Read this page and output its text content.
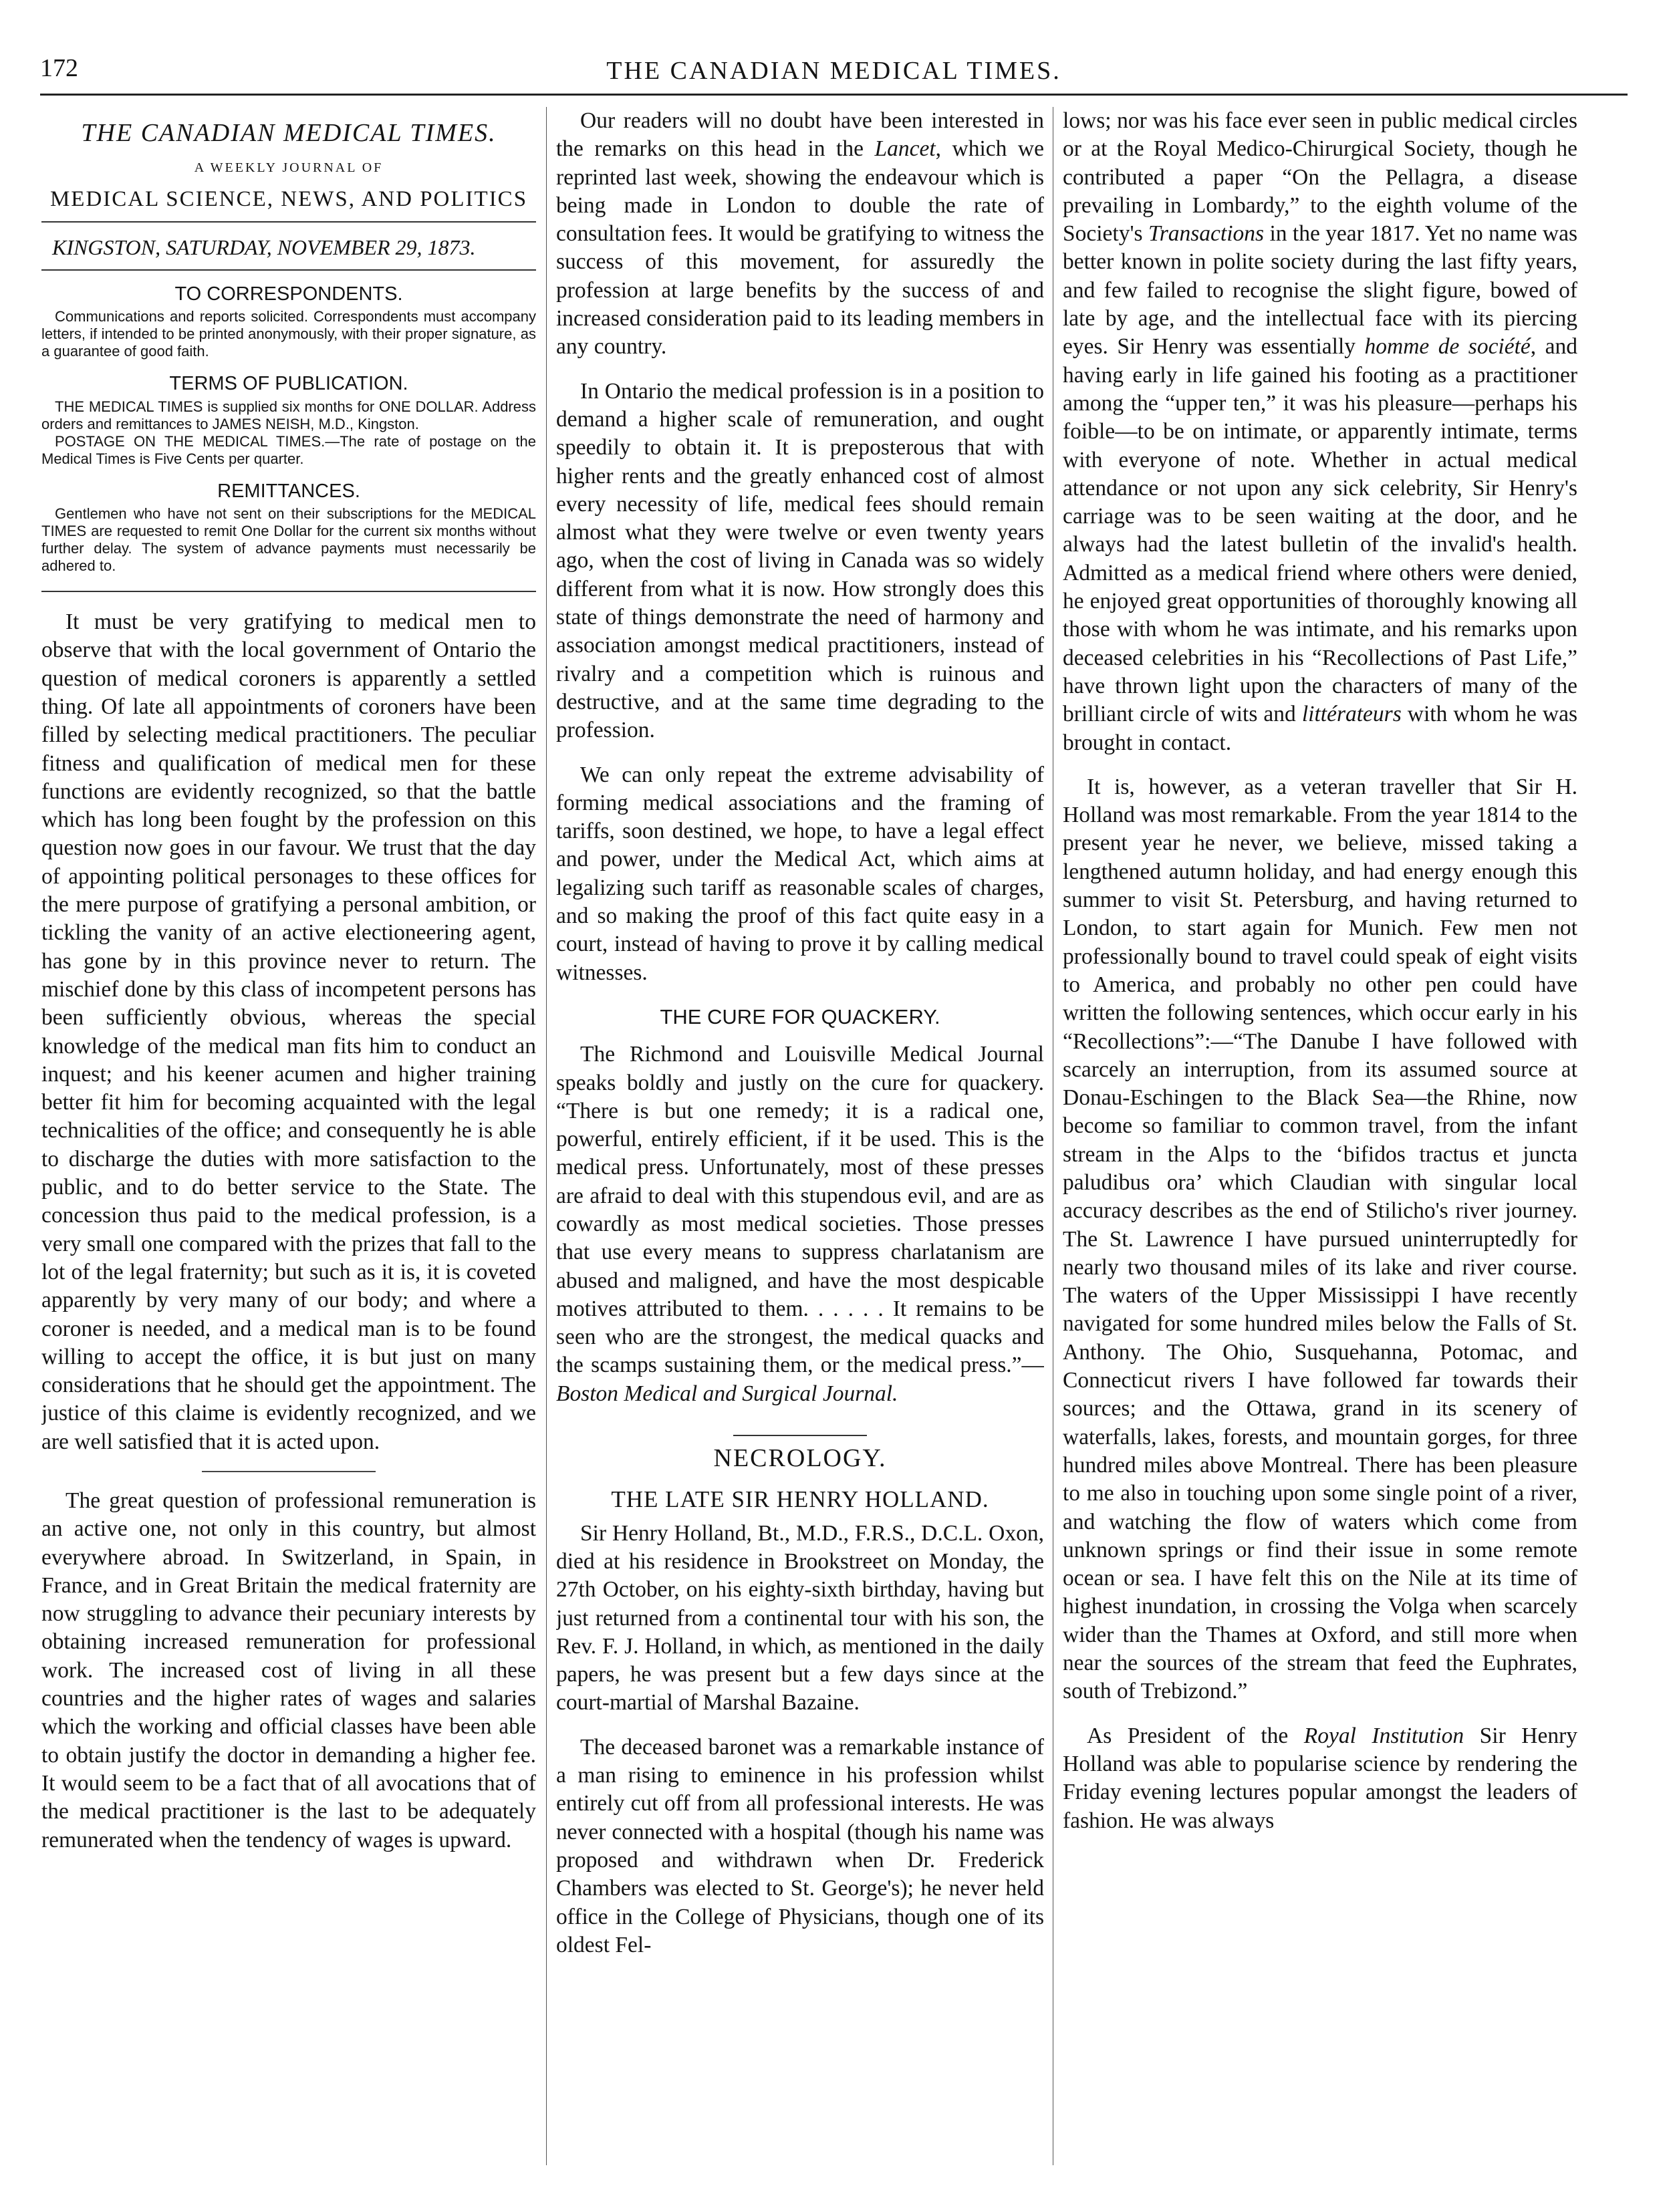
172	THE CANADIAN MEDICAL TIMES.
THE CANADIAN MEDICAL TIMES.
A WEEKLY JOURNAL OF
MEDICAL SCIENCE, NEWS, AND POLITICS
KINGSTON, SATURDAY, NOVEMBER 29, 1873.
TO CORRESPONDENTS.

Communications and reports solicited. Correspondents must accompany letters, if intended to be printed anonymously, with their proper signature, as a guarantee of good faith.

TERMS OF PUBLICATION.

THE MEDICAL TIMES is supplied six months for ONE DOLLAR. Address orders and remittances to JAMES NEISH, M.D., Kingston.

POSTAGE ON THE MEDICAL TIMES.—The rate of postage on the Medical Times is Five Cents per quarter.

REMITTANCES.

Gentlemen who have not sent on their subscriptions for the MEDICAL TIMES are requested to remit One Dollar for the current six months without further delay. The system of advance payments must necessarily be adhered to.

It must be very gratifying to medical men to observe that with the local government of Ontario the question of medical coroners is apparently a settled thing. Of late all appointments of coroners have been filled by selecting medical practitioners. The peculiar fitness and qualification of medical men for these functions are evidently recognized, so that the battle which has long been fought by the profession on this question now goes in our favour. We trust that the day of appointing political personages to these offices for the mere purpose of gratifying a personal ambition, or tickling the vanity of an active electioneering agent, has gone by in this province never to return. The mischief done by this class of incompetent persons has been sufficiently obvious, whereas the special knowledge of the medical man fits him to conduct an inquest; and his keener acumen and higher training better fit him for becoming acquainted with the legal technicalities of the office; and consequently he is able to discharge the duties with more satisfaction to the public, and to do better service to the State. The concession thus paid to the medical profession, is a very small one compared with the prizes that fall to the lot of the legal fraternity; but such as it is, it is coveted apparently by very many of our body; and where a coroner is needed, and a medical man is to be found willing to accept the office, it is but just on many considerations that he should get the appointment. The justice of this claime is evidently recognized, and we are well satisfied that it is acted upon.

The great question of professional remuneration is an active one, not only in this country, but almost everywhere abroad. In Switzerland, in Spain, in France, and in Great Britain the medical fraternity are now struggling to advance their pecuniary interests by obtaining increased remuneration for professional work. The increased cost of living in all these countries and the higher rates of wages and salaries which the working and official classes have been able to obtain justify the doctor in demanding a higher fee. It would seem to be a fact that of all avocations that of the medical practitioner is the last to be adequately remunerated when the tendency of wages is upward.

Our readers will no doubt have been interested in the remarks on this head in the Lancet, which we reprinted last week, showing the endeavour which is being made in London to double the rate of consultation fees. It would be gratifying to witness the success of this movement, for assuredly the profession at large benefits by the success of and increased consideration paid to its leading members in any country.

In Ontario the medical profession is in a position to demand a higher scale of remuneration, and ought speedily to obtain it. It is preposterous that with higher rents and the greatly enhanced cost of almost every necessity of life, medical fees should remain almost what they were twelve or even twenty years ago, when the cost of living in Canada was so widely different from what it is now. How strongly does this state of things demonstrate the need of harmony and association amongst medical practitioners, instead of rivalry and a competition which is ruinous and destructive, and at the same time degrading to the profession.

We can only repeat the extreme advisability of forming medical associations and the framing of tariffs, soon destined, we hope, to have a legal effect and power, under the Medical Act, which aims at legalizing such tariff as reasonable scales of charges, and so making the proof of this fact quite easy in a court, instead of having to prove it by calling medical witnesses.

THE CURE FOR QUACKERY.

The Richmond and Louisville Medical Journal speaks boldly and justly on the cure for quackery. “There is but one remedy; it is a radical one, powerful, entirely efficient, if it be used. This is the medical press. Unfortunately, most of these presses are afraid to deal with this stupendous evil, and are as cowardly as most medical societies. Those presses that use every means to suppress charlatanism are abused and maligned, and have the most despicable motives attributed to them. . . . . . It remains to be seen who are the strongest, the medical quacks and the scamps sustaining them, or the medical press.”—Boston Medical and Surgical Journal.

NECROLOGY.
THE LATE SIR HENRY HOLLAND.

Sir Henry Holland, Bt., M.D., F.R.S., D.C.L. Oxon, died at his residence in Brookstreet on Monday, the 27th October, on his eighty-sixth birthday, having but just returned from a continental tour with his son, the Rev. F. J. Holland, in which, as mentioned in the daily papers, he was present but a few days since at the court-martial of Marshal Bazaine.

The deceased baronet was a remarkable instance of a man rising to eminence in his profession whilst entirely cut off from all professional interests. He was never connected with a hospital (though his name was proposed and withdrawn when Dr. Frederick Chambers was elected to St. George's); he never held office in the College of Physicians, though one of its oldest Fel-

lows; nor was his face ever seen in public medical circles or at the Royal Medico-Chirurgical Society, though he contributed a paper “On the Pellagra, a disease prevailing in Lombardy,” to the eighth volume of the Society's Transactions in the year 1817. Yet no name was better known in polite society during the last fifty years, and few failed to recognise the slight figure, bowed of late by age, and the intellectual face with its piercing eyes. Sir Henry was essentially homme de société, and having early in life gained his footing as a practitioner among the “upper ten,” it was his pleasure—perhaps his foible—to be on intimate, or apparently intimate, terms with everyone of note. Whether in actual medical attendance or not upon any sick celebrity, Sir Henry's carriage was to be seen waiting at the door, and he always had the latest bulletin of the invalid's health. Admitted as a medical friend where others were denied, he enjoyed great opportunities of thoroughly knowing all those with whom he was intimate, and his remarks upon deceased celebrities in his “Recollections of Past Life,” have thrown light upon the characters of many of the brilliant circle of wits and littérateurs with whom he was brought in contact.

It is, however, as a veteran traveller that Sir H. Holland was most remarkable. From the year 1814 to the present year he never, we believe, missed taking a lengthened autumn holiday, and had energy enough this summer to visit St. Petersburg, and having returned to London, to start again for Munich. Few men not professionally bound to travel could speak of eight visits to America, and probably no other pen could have written the following sentences, which occur early in his “Recollections”:—“The Danube I have followed with scarcely an interruption, from its assumed source at Donau-Eschingen to the Black Sea—the Rhine, now become so familiar to common travel, from the infant stream in the Alps to the ‘bifidos tractus et juncta paludibus ora’ which Claudian with singular local accuracy describes as the end of Stilicho's river journey. The St. Lawrence I have pursued uninterruptedly for nearly two thousand miles of its lake and river course. The waters of the Upper Mississippi I have recently navigated for some hundred miles below the Falls of St. Anthony. The Ohio, Susquehanna, Potomac, and Connecticut rivers I have followed far towards their sources; and the Ottawa, grand in its scenery of waterfalls, lakes, forests, and mountain gorges, for three hundred miles above Montreal. There has been pleasure to me also in touching upon some single point of a river, and watching the flow of waters which come from unknown springs or find their issue in some remote ocean or sea. I have felt this on the Nile at its time of highest inundation, in crossing the Volga when scarcely wider than the Thames at Oxford, and still more when near the sources of the stream that feed the Euphrates, south of Trebizond.”

As President of the Royal Institution Sir Henry Holland was able to popularise science by rendering the Friday evening lectures popular amongst the leaders of fashion. He was always
